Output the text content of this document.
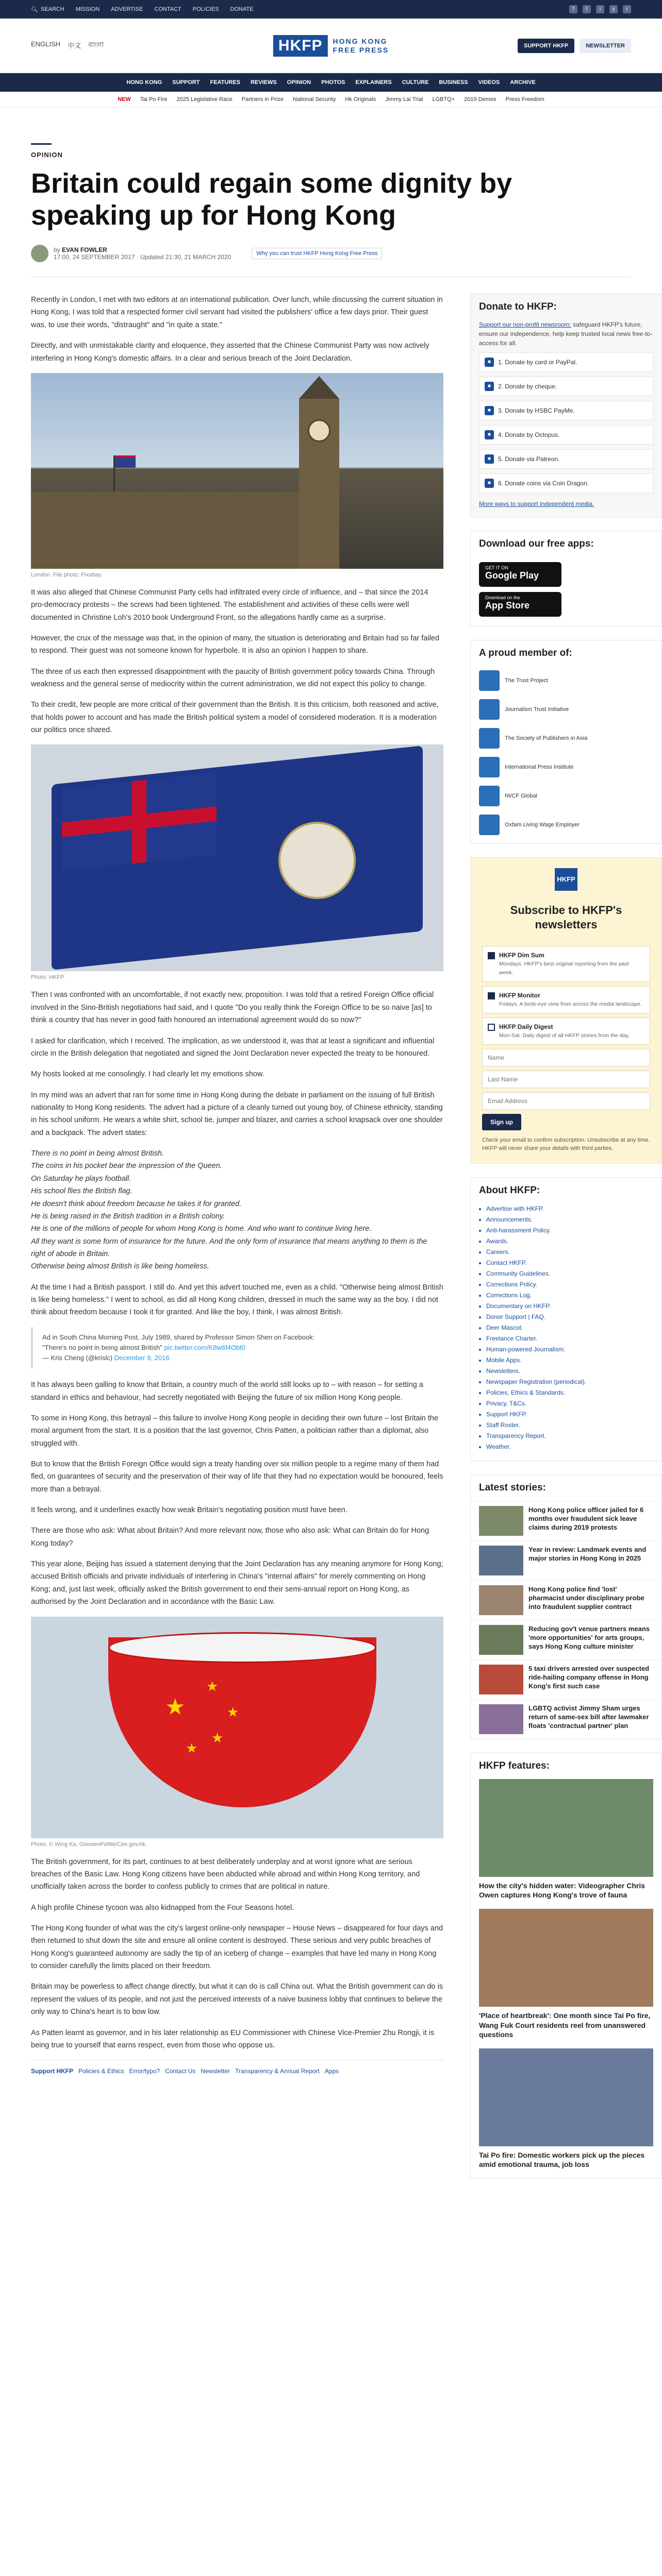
🔍︎ SEARCH MISSION ADVERTISE CONTACT POLICIES DONATE	f	t	i	y	r
ENGLISH 中文 বাংলা	HKFP	HONG KONG
FREE PRESS	SUPPORT HKFP	NEWSLETTER
HONG KONG SUPPORT FEATURES REVIEWS OPINION PHOTOS EXPLAINERS CULTURE BUSINESS VIDEOS ARCHIVE
NEW Tai Po Fire 2025 Legislative Race Partners in Prize National Security Hk Originals Jimmy Lai Trial LGBTQ+ 2019 Demos Press Freedom
OPINION
Britain could regain some dignity by speaking up for Hong Kong
by EVAN FOWLER
17:00, 24 SEPTEMBER 2017 · Updated 21:30, 21 MARCH 2020	Why you can trust HKFP Hong Kong Free Press

Recently in London, I met with two editors at an international publication. Over lunch, while discussing the current situation in Hong Kong, I was told that a respected former civil servant had visited the publishers' office a few days prior. Their guest was, to use their words, "distraught" and "in quite a state."

Directly, and with unmistakable clarity and eloquence, they asserted that the Chinese Communist Party was now actively interfering in Hong Kong's domestic affairs. In a clear and serious breach of the Joint Declaration.

London. File photo: Pixabay.

It was also alleged that Chinese Communist Party cells had infiltrated every circle of influence, and – that since the 2014 pro-democracy protests – the screws had been tightened. The establishment and activities of these cells were well documented in Christine Loh's 2010 book Underground Front, so the allegations hardly came as a surprise.

However, the crux of the message was that, in the opinion of many, the situation is deteriorating and Britain had so far failed to respond. Their guest was not someone known for hyperbole. It is also an opinion I happen to share.

The three of us each then expressed disappointment with the paucity of British government policy towards China. Through weakness and the general sense of mediocrity within the current administration, we did not expect this policy to change.

To their credit, few people are more critical of their government than the British. It is this criticism, both reasoned and active, that holds power to account and has made the British political system a model of considered moderation. It is a moderation our politics once shared.

Photo: HKFP.

Then I was confronted with an uncomfortable, if not exactly new, proposition. I was told that a retired Foreign Office official involved in the Sino-British negotiations had said, and I quote "Do you really think the Foreign Office to be so naive [as] to think a country that has never in good faith honoured an international agreement would do so now?"

I asked for clarification, which I received. The implication, as we understood it, was that at least a significant and influential circle in the British delegation that negotiated and signed the Joint Declaration never expected the treaty to be honoured.

My hosts looked at me consolingly. I had clearly let my emotions show.

In my mind was an advert that ran for some time in Hong Kong during the debate in parliament on the issuing of full British nationality to Hong Kong residents. The advert had a picture of a cleanly turned out young boy, of Chinese ethnicity, standing in his school uniform. He wears a white shirt, school tie, jumper and blazer, and carries a school knapsack over one shoulder and a backpack. The advert states:

There is no point in being almost British.

The coins in his pocket bear the impression of the Queen.

On Saturday he plays football.

His school flies the British flag.

He doesn't think about freedom because he takes it for granted.

He is being raised in the British tradition in a British colony.

He is one of the millions of people for whom Hong Kong is home. And who want to continue living here.

All they want is some form of insurance for the future. And the only form of insurance that means anything to them is the right of abode in Britain.

Otherwise being almost British is like being homeless.

At the time I had a British passport. I still do. And yet this advert touched me, even as a child. "Otherwise being almost British is like being homeless." I went to school, as did all Hong Kong children, dressed in much the same way as the boy. I did not think about freedom because I took it for granted. And like the boy, I think, I was almost British.

Ad in South China Morning Post, July 1989, shared by Professor Simon Shen on Facebook:
"There's no point in being almost British" pic.twitter.com/K8w6f4Obt0
— Kris Cheng (@krislc) December 9, 2016

It has always been galling to know that Britain, a country much of the world still looks up to – with reason – for setting a standard in ethics and behaviour, had secretly negotiated with Beijing the future of six million Hong Kong people.

To some in Hong Kong, this betrayal – this failure to involve Hong Kong people in deciding their own future – lost Britain the moral argument from the start. It is a position that the last governor, Chris Patten, a politician rather than a diplomat, also struggled with.

But to know that the British Foreign Office would sign a treaty handing over six million people to a regime many of them had fled, on guarantees of security and the preservation of their way of life that they had no expectation would be honoured, feels more than a betrayal.

It feels wrong, and it underlines exactly how weak Britain's negotiating position must have been.

There are those who ask: What about Britain? And more relevant now, those who also ask: What can Britain do for Hong Kong today?

This year alone, Beijing has issued a statement denying that the Joint Declaration has any meaning anymore for Hong Kong; accused British officials and private individuals of interfering in China's "internal affairs" for merely commenting on Hong Kong; and, just last week, officially asked the British government to end their semi-annual report on Hong Kong, as authorised by the Joint Declaration and in accordance with the Basic Law.

★
★
★
★
★
Photo: © Wing Ka, GlossenPolitie/Cee.gov.hk.

The British government, for its part, continues to at best deliberately underplay and at worst ignore what are serious breaches of the Basic Law. Hong Kong citizens have been abducted while abroad and within Hong Kong territory, and unofficially taken across the border to confess publicly to crimes that are political in nature.

A high profile Chinese tycoon was also kidnapped from the Four Seasons hotel.

The Hong Kong founder of what was the city's largest online-only newspaper – House News – disappeared for four days and then returned to shut down the site and ensure all online content is destroyed. These serious and very public breaches of Hong Kong's guaranteed autonomy are sadly the tip of an iceberg of change – examples that have led many in Hong Kong to consider carefully the limits placed on their freedom.

Britain may be powerless to affect change directly, but what it can do is call China out. What the British government can do is represent the values of its people, and not just the perceived interests of a naive business lobby that continues to believe the only way to China's heart is to bow low.

As Patten learnt as governor, and in his later relationship as EU Commissioner with Chinese Vice-Premier Zhu Rongji, it is being true to yourself that earns respect, even from those who oppose us.

Support HKFP Policies & Ethics Error/typo? Contact Us Newsletter Transparency & Annual Report Apps
Donate to HKFP:
Support our non-profit newsroom: safeguard HKFP's future, ensure our independence, help keep trusted local news free-to-access for all.
■	1. Donate by card or PayPal.
■	2. Donate by cheque.
■	3. Donate by HSBC PayMe.
■	4. Donate by Octopus.
■	5. Donate via Patreon.
■	6. Donate coins via Coin Dragon.
More ways to support independent media.
Download our free apps:
GET IT ON
Google Play
Download on the
App Store
A proud member of:
The Trust Project
Journalism Trust Initiative
The Society of Publishers in Asia
International Press Institute
IWCF Global
Oxfam Living Wage Employer
HKFP
Subscribe to HKFP's newsletters
HKFP Dim Sum
Mondays. HKFP's best original reporting from the past week.
HKFP Monitor
Fridays. A birds-eye view from across the media landscape.
HKFP Daily Digest
Mon-Sat. Daily digest of all HKFP stories from the day.
Name Last Name Email Address Sign up
Check your email to confirm subscription. Unsubscribe at any time. HKFP will never share your details with third parties.
About HKFP:
• Advertise with HKFP.
• Announcements.
• Anti-harassment Policy.
• Awards.
• Careers.
• Contact HKFP.
• Community Guidelines.
• Corrections Policy.
• Corrections Log.
• Documentary on HKFP.
• Donor Support | FAQ.
• Deer Mascot.
• Freelance Charter.
• Human-powered Journalism.
• Mobile Apps.
• Newsletters.
• Newspaper Registration (periodical).
• Policies, Ethics & Standards.
• Privacy, T&Cs.
• Support HKFP.
• Staff Roster.
• Transparency Report.
• Weather.
Latest stories:
Hong Kong police officer jailed for 6 months over fraudulent sick leave claims during 2019 protests
Year in review: Landmark events and major stories in Hong Kong in 2025
Hong Kong police find 'lost' pharmacist under disciplinary probe into fraudulent supplier contract
Reducing gov't venue partners means 'more opportunities' for arts groups, says Hong Kong culture minister
5 taxi drivers arrested over suspected ride-hailing company offense in Hong Kong's first such case
LGBTQ activist Jimmy Sham urges return of same-sex bill after lawmaker floats 'contractual partner' plan
HKFP features:
How the city's hidden water: Videographer Chris Owen captures Hong Kong's trove of fauna
'Place of heartbreak': One month since Tai Po fire, Wang Fuk Court residents reel from unanswered questions
Tai Po fire: Domestic workers pick up the pieces amid emotional trauma, job loss
